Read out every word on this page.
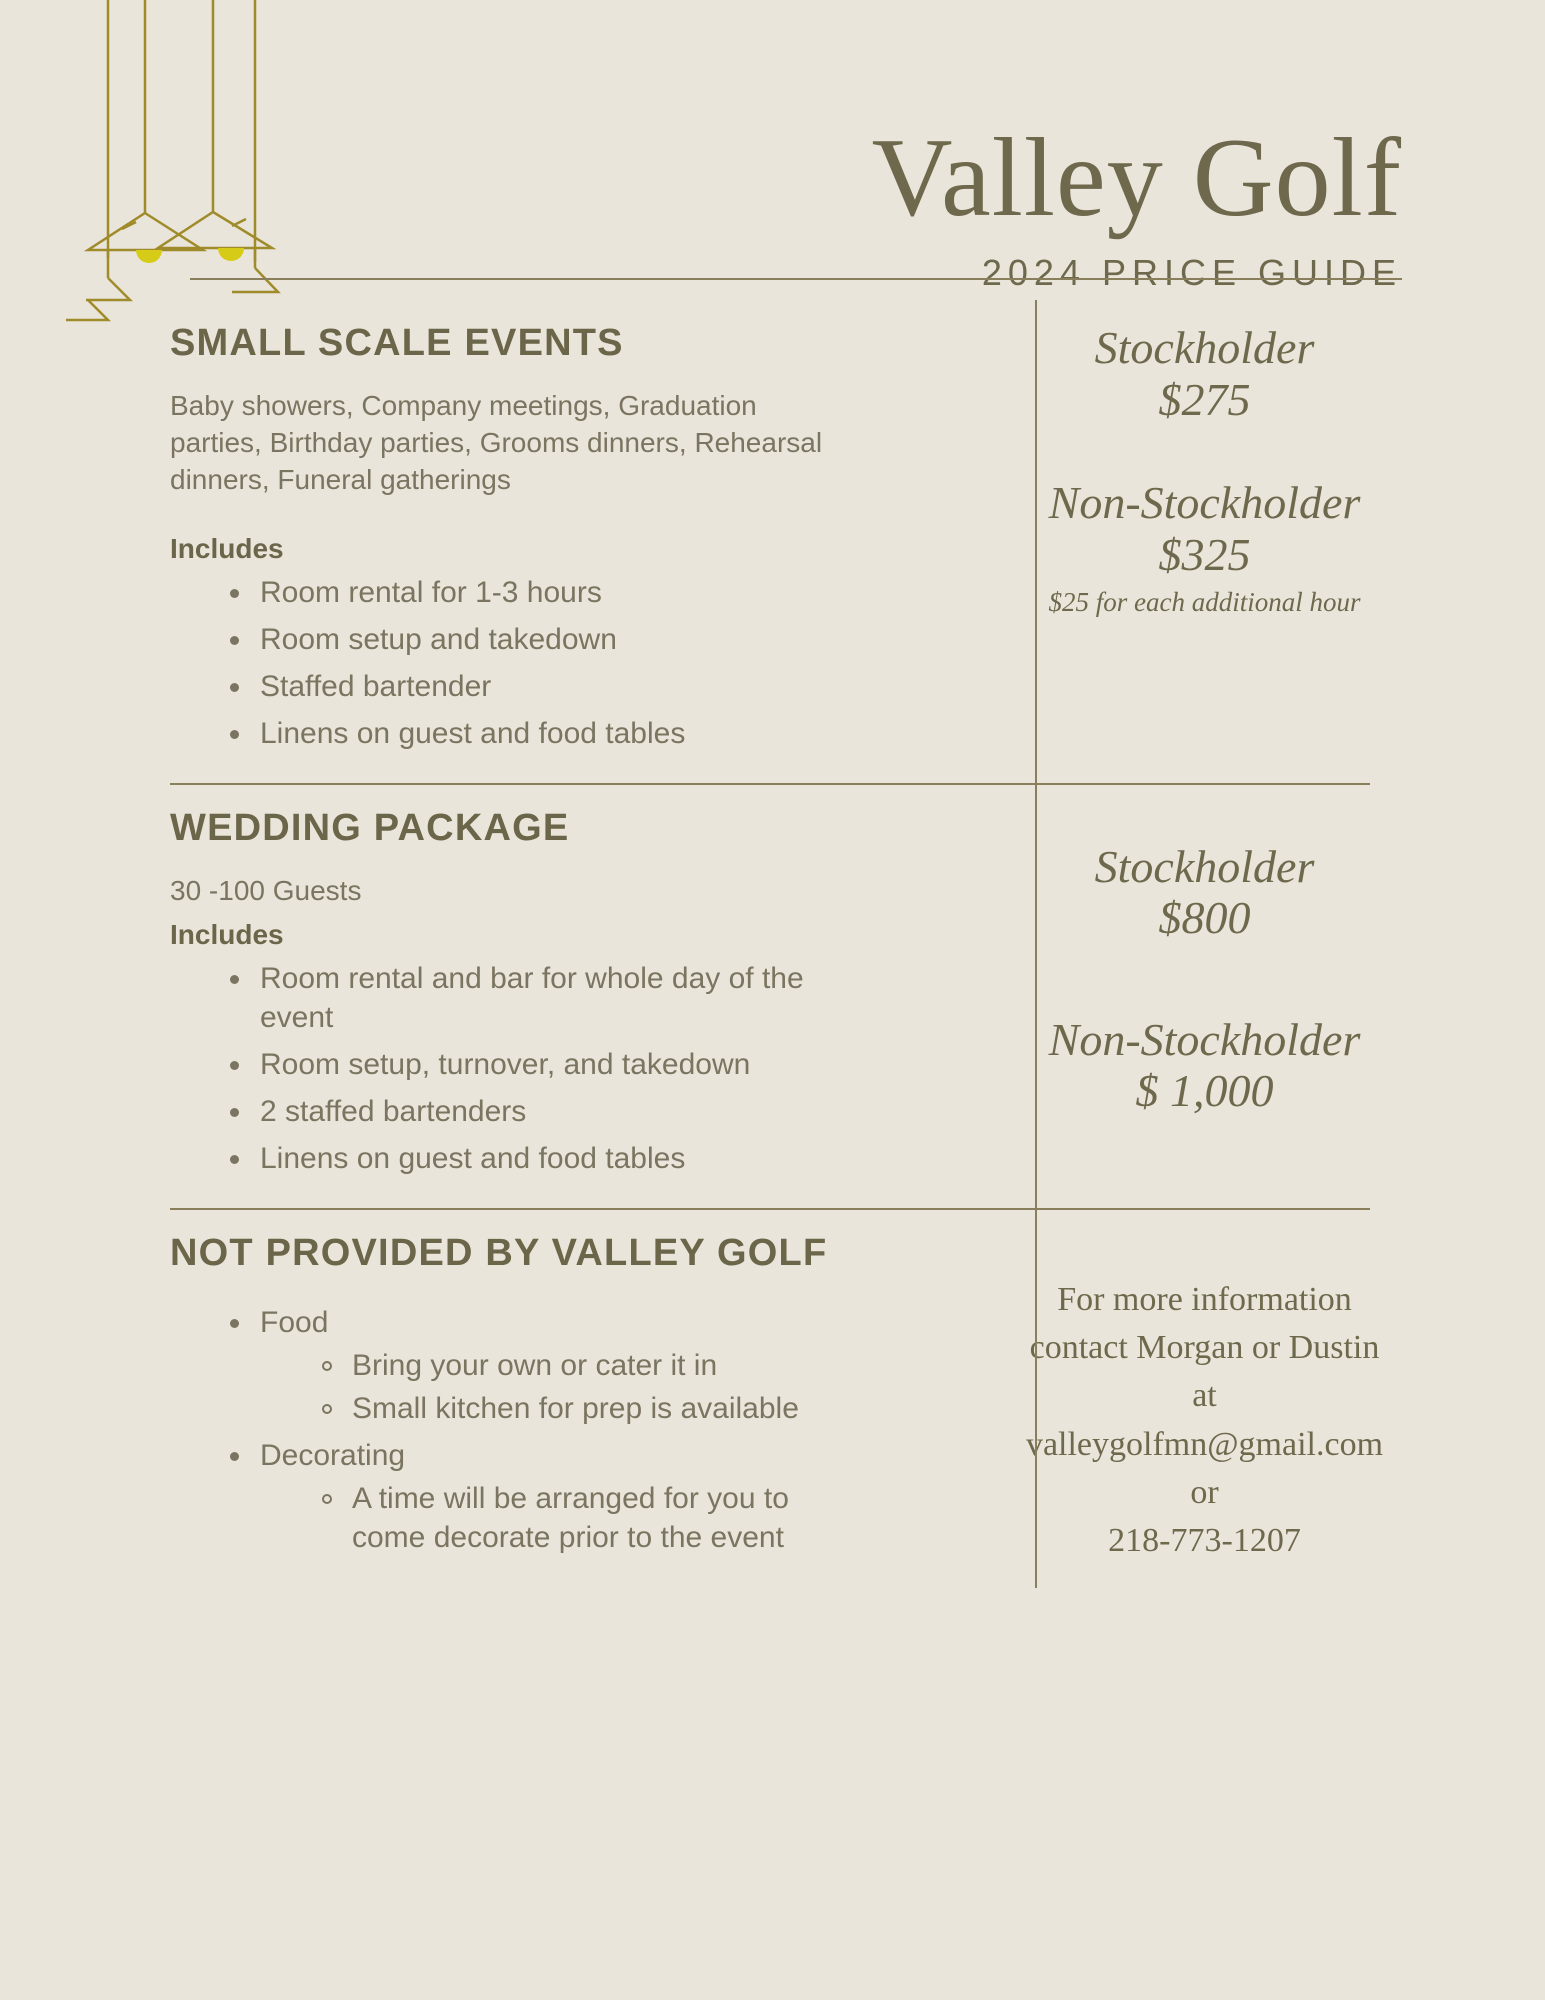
Valley Golf
2024 PRICE GUIDE
SMALL SCALE EVENTS

Baby showers, Company meetings, Graduation parties, Birthday parties, Grooms dinners, Rehearsal dinners, Funeral gatherings

Includes
Room rental for 1-3 hours
Room setup and takedown
Staffed bartender
Linens on guest and food tables
Stockholder
$275
Non-Stockholder
$325
$25 for each additional hour
WEDDING PACKAGE

30 -100 Guests

Includes
Room rental and bar for whole day of the event
Room setup, turnover, and takedown
2 staffed bartenders
Linens on guest and food tables
Stockholder
$800
Non-Stockholder
$ 1,000
NOT PROVIDED BY VALLEY GOLF
Food
Bring your own or cater it in
Small kitchen for prep is available
Decorating
A time will be arranged for you to come decorate prior to the event
For more information
contact Morgan or Dustin
at
valleygolfmn@gmail.com
or
218-773-1207
